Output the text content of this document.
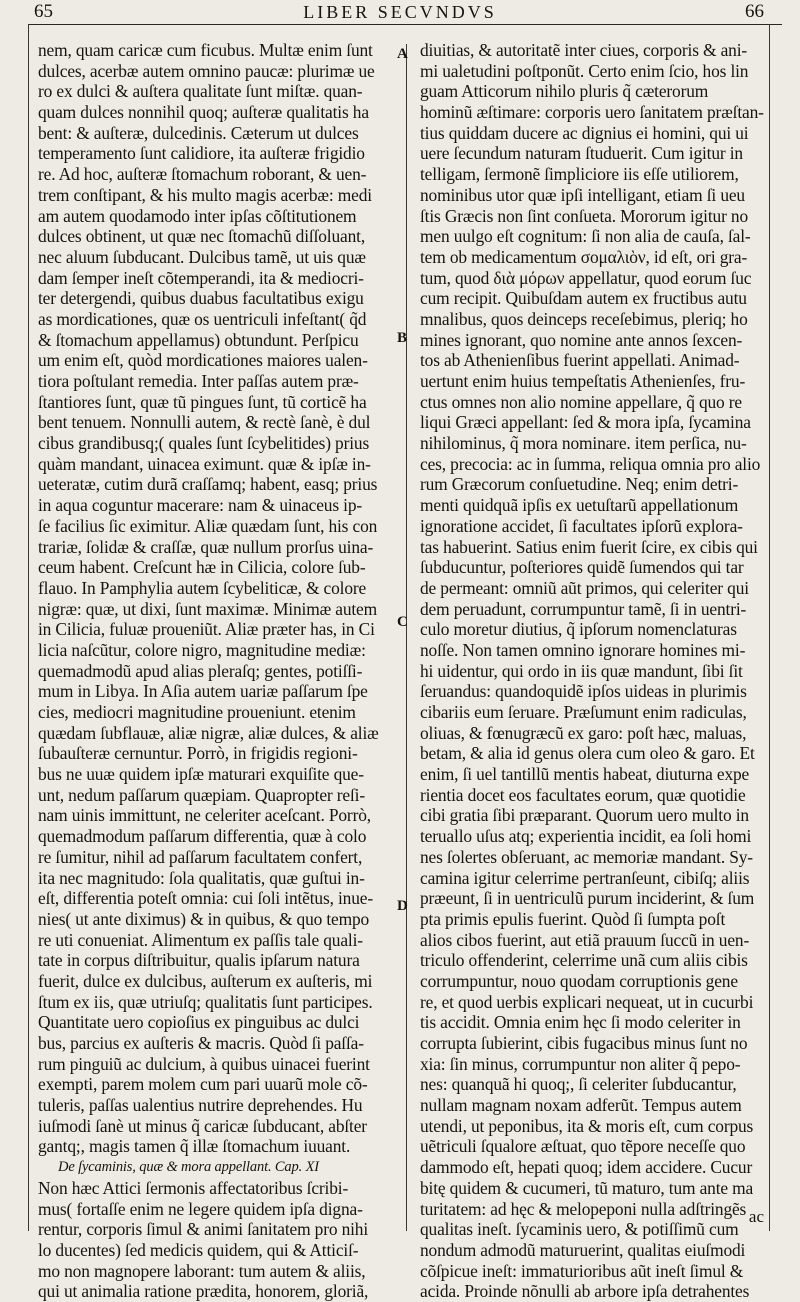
65	LIBER SECVNDVS	66
A
B
C
D
nem, quam caricæ cum ficubus. Multæ enim ſunt
dulces, acerbæ autem omnino paucæ: plurimæ ue
ro ex dulci & auſtera qualitate ſunt miſtæ. quan-
quam dulces nonnihil quoq; auſteræ qualitatis ha
bent: & auſteræ, dulcedinis. Cæterum ut dulces
temperamento ſunt calidiore, ita auſteræ frigidio
re. Ad hoc, auſteræ ſtomachum roborant, & uen-
trem conſtipant, & his multo magis acerbæ: medi
am autem quodamodo inter ipſas cõſtitutionem
dulces obtinent, ut quæ nec ſtomachũ diſſoluant,
nec aluum ſubducant. Dulcibus tamẽ, ut uis quæ
dam ſemper ineſt cõtemperandi, ita & mediocri-
ter detergendi, quibus duabus facultatibus exigu
as mordicationes, quæ os uentriculi infeſtant( q̃d
& ſtomachum appellamus) obtundunt. Perſpicu
um enim eſt, quòd mordicationes maiores ualen-
tiora poſtulant remedia. Inter paſſas autem præ-
ſtantiores ſunt, quæ tũ pingues ſunt, tũ corticẽ ha
bent tenuem. Nonnulli autem, & rectè ſanè, è dul
cibus grandibusq;( quales ſunt ſcybelitides) prius
quàm mandant, uinacea eximunt. quæ & ipſæ in-
ueteratæ, cutim durã craſſamq; habent, easq; prius
in aqua coguntur macerare: nam & uinaceus ip-
ſe facilius ſic eximitur. Aliæ quædam ſunt, his con
trariæ, ſolidæ & craſſæ, quæ nullum prorſus uina-
ceum habent. Creſcunt hæ in Cilicia, colore ſub-
flauo. In Pamphylia autem ſcybeliticæ, & colore
nigræ: quæ, ut dixi, ſunt maximæ. Minimæ autem
in Cilicia, fuluæ proueniũt. Aliæ præter has, in Ci
licia naſcũtur, colore nigro, magnitudine mediæ:
quemadmodũ apud alias pleraſq; gentes, potiſſi-
mum in Libya. In Aſia autem uariæ paſſarum ſpe
cies, mediocri magnitudine proueniunt. etenim
quædam ſubflauæ, aliæ nigræ, aliæ dulces, & aliæ
ſubauſteræ cernuntur. Porrò, in frigidis regioni-
bus ne uuæ quidem ipſæ maturari exquiſite que-
unt, nedum paſſarum quæpiam. Quapropter reſi-
nam uinis immittunt, ne celeriter aceſcant. Porrò,
quemadmodum paſſarum differentia, quæ à colo
re ſumitur, nihil ad paſſarum facultatem confert,
ita nec magnitudo: ſola qualitatis, quæ guſtui in-
eſt, differentia poteſt omnia: cui ſoli intẽtus, inue-
nies( ut ante diximus) & in quibus, & quo tempo
re uti conueniat. Alimentum ex paſſis tale quali-
tate in corpus diſtribuitur, qualis ipſarum natura
fuerit, dulce ex dulcibus, auſterum ex auſteris, mi
ſtum ex iis, quæ utriuſq; qualitatis ſunt participes.
Quantitate uero copioſius ex pinguibus ac dulci
bus, parcius ex auſteris & macris. Quòd ſi paſſa-
rum pinguiũ ac dulcium, à quibus uinacei fuerint
exempti, parem molem cum pari uuarũ mole cõ-
tuleris, paſſas ualentius nutrire deprehendes. Hu
iuſmodi ſanè ut minus q̃ caricæ ſubducant, abſter
gantq;, magis tamen q̃ illæ ſtomachum iuuant.
De ſycaminis, quæ & mora appellant. Cap. XI
Non hæc Attici ſermonis affectatoribus ſcribi-
mus( fortaſſe enim ne legere quidem ipſa digna-
rentur, corporis ſimul & animi ſanitatem pro nihi
lo ducentes) ſed medicis quidem, qui & Atticiſ-
mo non magnopere laborant: tum autem & aliis,
qui ut animalia ratione prædita, honorem, gloriã,
diuitias, & autoritatẽ inter ciues, corporis & ani-
mi ualetudini poſtponũt. Certo enim ſcio, hos lin
guam Atticorum nihilo pluris q̃ cæterorum
hominũ æſtimare: corporis uero ſanitatem præſtan-
tius quiddam ducere ac dignius ei homini, qui ui
uere ſecundum naturam ſtuduerit. Cum igitur in
telligam, ſermonẽ ſimpliciore iis eſſe utiliorem,
nominibus utor quæ ipſi intelligant, etiam ſi ueu
ſtis Græcis non ſint conſueta. Mororum igitur no
men uulgo eſt cognitum: ſi non alia de cauſa, ſal-
tem ob medicamentum σομαλιὸν, id eſt, ori gra-
tum, quod διὰ μόρων appellatur, quod eorum ſuc
cum recipit. Quibuſdam autem ex fructibus autu
mnalibus, quos deinceps receſebimus, pleriq; ho
mines ignorant, quo nomine ante annos ſexcen-
tos ab Athenienſibus fuerint appellati. Animad-
uertunt enim huius tempeſtatis Athenienſes, fru-
ctus omnes non alio nomine appellare, q̃ quo re
liqui Græci appellant: ſed & mora ipſa, ſycamina
nihilominus, q̃ mora nominare. item perſica, nu-
ces, precocia: ac in ſumma, reliqua omnia pro alio
rum Græcorum conſuetudine. Neq; enim detri-
menti quidquã ipſis ex uetuſtarũ appellationum
ignoratione accidet, ſi facultates ipſorũ explora-
tas habuerint. Satius enim fuerit ſcire, ex cibis qui
ſubducuntur, poſteriores quidẽ ſumendos qui tar
de permeant: omniũ aũt primos, qui celeriter qui
dem peruadunt, corrumpuntur tamẽ, ſi in uentri-
culo moretur diutius, q̃ ipſorum nomenclaturas
noſſe. Non tamen omnino ignorare homines mi-
hi uidentur, qui ordo in iis quæ mandunt, ſibi ſit
ſeruandus: quandoquidẽ ipſos uideas in plurimis
cibariis eum ſeruare. Præſumunt enim radiculas,
oliuas, & fœnugræcũ ex garo: poſt hæc, maluas,
betam, & alia id genus olera cum oleo & garo. Et
enim, ſi uel tantillũ mentis habeat, diuturna expe
rientia docet eos facultates eorum, quæ quotidie
cibi gratia ſibi præparant. Quorum uero multo in
teruallo uſus atq; experientia incidit, ea ſoli homi
nes ſolertes obſeruant, ac memoriæ mandant. Sy-
camina igitur celerrime pertranſeunt, cibiſq; aliis
præeunt, ſi in uentriculũ purum inciderint, & ſum
pta primis epulis fuerint. Quòd ſi ſumpta poſt
alios cibos fuerint, aut etiã prauum ſuccũ in uen-
triculo offenderint, celerrime unã cum aliis cibis
corrumpuntur, nouo quodam corruptionis gene
re, et quod uerbis explicari nequeat, ut in cucurbi
tis accidit. Omnia enim hęc ſi modo celeriter in
corrupta ſubierint, cibis fugacibus minus ſunt no
xia: ſin minus, corrumpuntur non aliter q̃ pepo-
nes: quanquã hi quoq;, ſi celeriter ſubducantur,
nullam magnam noxam adferũt. Tempus autem
utendi, ut peponibus, ita & moris eſt, cum corpus
uẽtriculi ſqualore æſtuat, quo tẽpore neceſſe quo
dammodo eſt, hepati quoq; idem accidere. Cucur
bitę quidem & cucumeri, tũ maturo, tum ante ma
turitatem: ad hęc & melopeponi nulla adſtringẽs
qualitas ineſt. ſycaminis uero, & potiſſimũ cum
nondum admodũ maturuerint, qualitas eiuſmodi
cõſpicue ineſt: immaturioribus aũt ineſt ſimul &
acida. Proinde nõnulli ab arbore ipſa detrahentes
ac
